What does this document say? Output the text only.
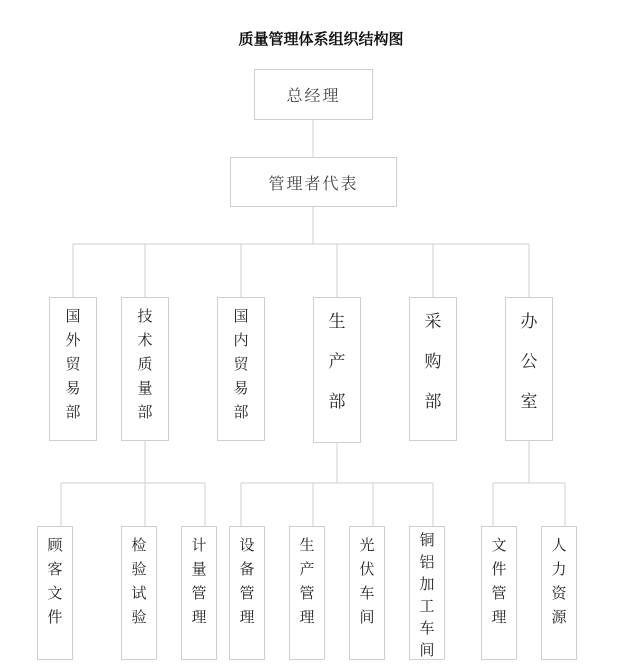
质量管理体系组织结构图
总经理
管理者代表
国外贸易部
技术质量部
国内贸易部
生产部
采购部
办公室
顾客文件
检验试验
计量管理
设备管理
生产管理
光伏车间
铜铝加工车间
文件管理
人力资源
